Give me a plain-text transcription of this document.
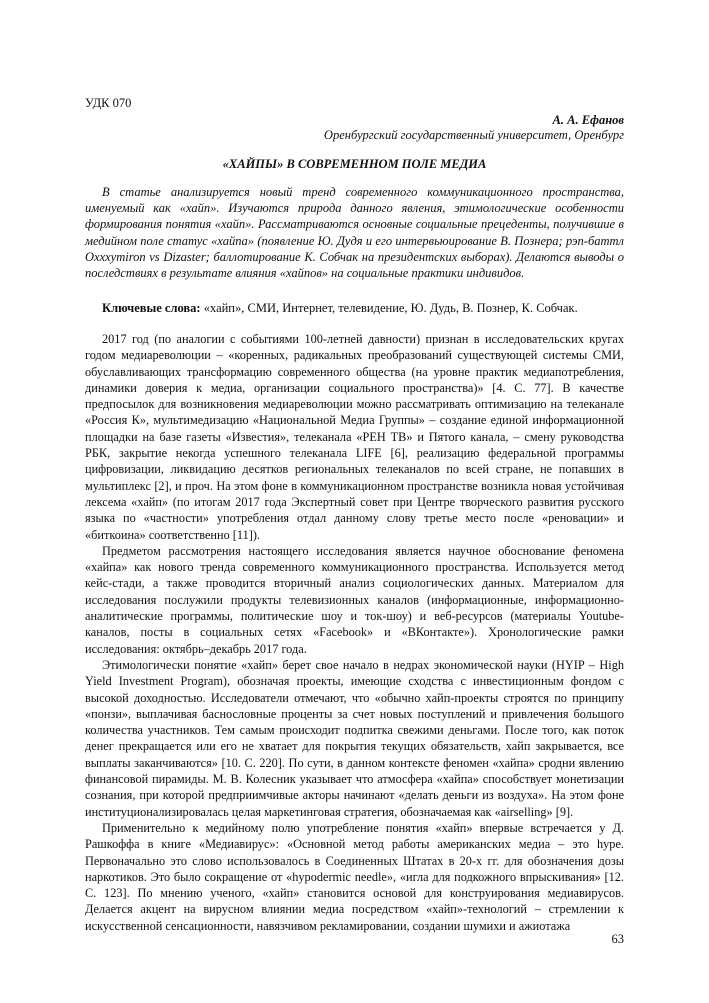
УДК 070
А. А. Ефанов
Оренбургский государственный университет, Оренбург
«ХАЙПЫ» В СОВРЕМЕННОМ ПОЛЕ МЕДИА

В статье анализируется новый тренд современного коммуникационного пространства, именуемый как «хайп». Изучаются природа данного явления, этимологические особенности формирования понятия «хайп». Рассматриваются основные социальные прецеденты, получившие в медийном поле статус «хайпа» (появление Ю. Дудя и его интервьюирование В. Познера; рэп-баттл Oxxxymiron vs Dizaster; баллотирование К. Собчак на президентских выборах). Делаются выводы о последствиях в результате влияния «хайпов» на социальные практики индивидов.

Ключевые слова: «хайп», СМИ, Интернет, телевидение, Ю. Дудь, В. Познер, К. Собчак.

2017 год (по аналогии с событиями 100-летней давности) признан в исследовательских кругах годом медиареволюции – «коренных, радикальных преобразований существующей системы СМИ, обуславливающих трансформацию современного общества (на уровне практик медиапотребления, динамики доверия к медиа, организации социального пространства)» [4. С. 77]. В качестве предпосылок для возникновения медиареволюции можно рассматривать оптимизацию на телеканале «Россия К», мультимедизацию «Национальной Медиа Группы» – создание единой информационной площадки на базе газеты «Известия», телеканала «РЕН ТВ» и Пятого канала, – смену руководства РБК, закрытие некогда успешного телеканала LIFE [6], реализацию федеральной программы цифровизации, ликвидацию десятков региональных телеканалов по всей стране, не попавших в мультиплекс [2], и проч. На этом фоне в коммуникационном пространстве возникла новая устойчивая лексема «хайп» (по итогам 2017 года Экспертный совет при Центре творческого развития русского языка по «частности» употребления отдал данному слову третье место после «реновации» и «биткоина» соответственно [11]).

Предметом рассмотрения настоящего исследования является научное обоснование феномена «хайпа» как нового тренда современного коммуникационного пространства. Используется метод кейс-стади, а также проводится вторичный анализ социологических данных. Материалом для исследования послужили продукты телевизионных каналов (информационные, информационно-аналитические программы, политические шоу и ток-шоу) и веб-ресурсов (материалы Youtube-каналов, посты в социальных сетях «Facebook» и «ВКонтакте»). Хронологические рамки исследования: октябрь–декабрь 2017 года.

Этимологически понятие «хайп» берет свое начало в недрах экономической науки (HYIP – High Yield Investment Program), обозначая проекты, имеющие сходства с инвестиционным фондом с высокой доходностью. Исследователи отмечают, что «обычно хайп-проекты строятся по принципу «понзи», выплачивая баснословные проценты за счет новых поступлений и привлечения большого количества участников. Тем самым происходит подпитка свежими деньгами. После того, как поток денег прекращается или его не хватает для покрытия текущих обязательств, хайп закрывается, все выплаты заканчиваются» [10. С. 220]. По сути, в данном контексте феномен «хайпа» сродни явлению финансовой пирамиды. М. В. Колесник указывает что атмосфера «хайпа» способствует монетизации сознания, при которой предприимчивые акторы начинают «делать деньги из воздуха». На этом фоне институционализировалась целая маркетинговая стратегия, обозначаемая как «airselling» [9].

Применительно к медийному полю употребление понятия «хайп» впервые встречается у Д. Рашкоффа в книге «Медиавирус»: «Основной метод работы американских медиа – это hype. Первоначально это слово использовалось в Соединенных Штатах в 20-х гг. для обозначения дозы наркотиков. Это было сокращение от «hypodermic needle», «игла для подкожного впрыскивания» [12. С. 123]. По мнению ученого, «хайп» становится основой для конструирования медиавирусов. Делается акцент на вирусном влиянии медиа посредством «хайп»-технологий – стремлении к искусственной сенсационности, навязчивом рекламировании, создании шумихи и ажиотажа

63
